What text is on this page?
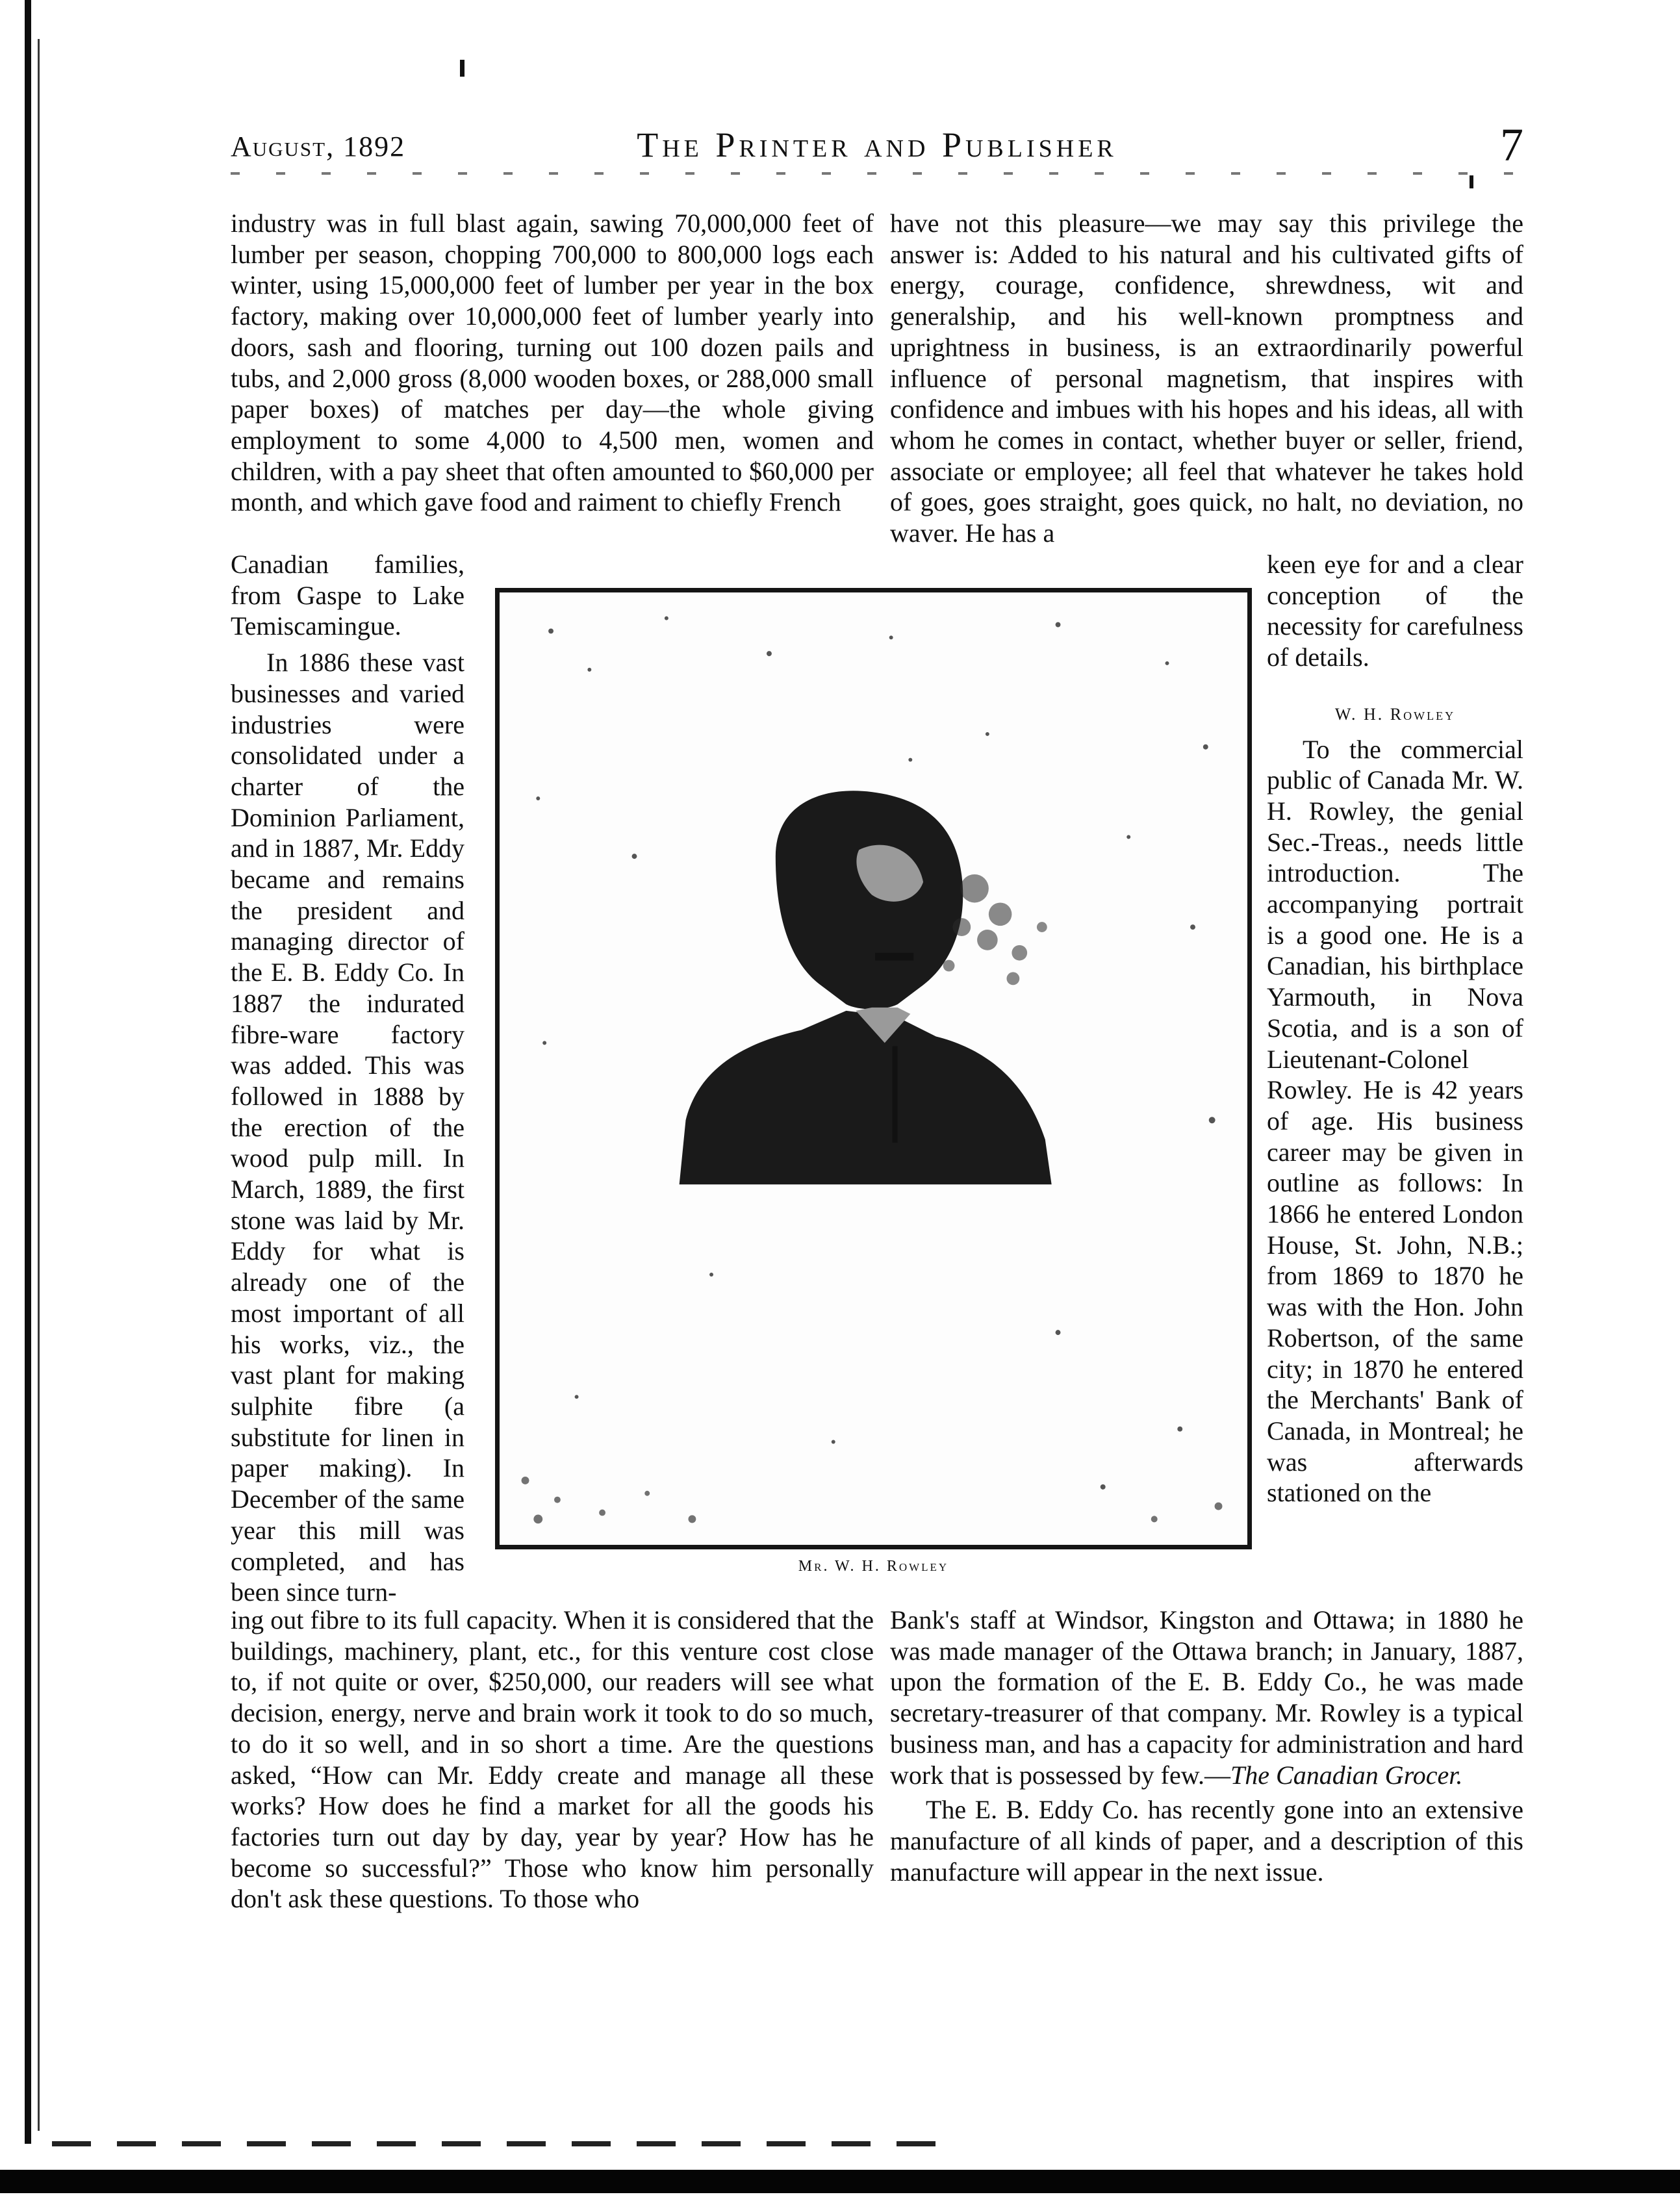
August, 1892	The Printer and Publisher	7

industry was in full blast again, sawing 70,000,000 feet of lumber per season, chopping 700,000 to 800,000 logs each winter, using 15,000,000 feet of lumber per year in the box factory, making over 10,000,000 feet of lumber yearly into doors, sash and flooring, turning out 100 dozen pails and tubs, and 2,000 gross (8,000 wooden boxes, or 288,000 small paper boxes) of matches per day—the whole giving employment to some 4,000 to 4,500 men, women and children, with a pay sheet that often amounted to $60,000 per month, and which gave food and raiment to chiefly French

Canadian families, from Gaspe to Lake Temiscamingue.

In 1886 these vast businesses and varied industries were consolidated under a charter of the Dominion Parliament, and in 1887, Mr. Eddy became and remains the president and managing director of the E. B. Eddy Co. In 1887 the indurated fibre-ware factory was added. This was followed in 1888 by the erection of the wood pulp mill. In March, 1889, the first stone was laid by Mr. Eddy for what is already one of the most important of all his works, viz., the vast plant for making sulphite fibre (a substitute for linen in paper making). In December of the same year this mill was completed, and has been since turn-

Mr. W. H. Rowley

have not this pleasure—we may say this privilege the answer is: Added to his natural and his cultivated gifts of energy, courage, confidence, shrewdness, wit and generalship, and his well-known promptness and uprightness in business, is an extraordinarily powerful influence of personal magnetism, that inspires with confidence and imbues with his hopes and his ideas, all with whom he comes in contact, whether buyer or seller, friend, associate or employee; all feel that whatever he takes hold of goes, goes straight, goes quick, no halt, no deviation, no waver. He has a

keen eye for and a clear conception of the necessity for carefulness of details.

W. H. Rowley

To the commercial public of Canada Mr. W. H. Rowley, the genial Sec.-Treas., needs little introduction. The accompanying portrait is a good one. He is a Canadian, his birthplace Yarmouth, in Nova Scotia, and is a son of Lieutenant-Colonel Rowley. He is 42 years of age. His business career may be given in outline as follows: In 1866 he entered London House, St. John, N.B.; from 1869 to 1870 he was with the Hon. John Robertson, of the same city; in 1870 he entered the Merchants' Bank of Canada, in Montreal; he was afterwards stationed on the

ing out fibre to its full capacity. When it is considered that the buildings, machinery, plant, etc., for this venture cost close to, if not quite or over, $250,000, our readers will see what decision, energy, nerve and brain work it took to do so much, to do it so well, and in so short a time. Are the questions asked, “How can Mr. Eddy create and manage all these works? How does he find a market for all the goods his factories turn out day by day, year by year? How has he become so successful?” Those who know him personally don't ask these questions. To those who

Bank's staff at Windsor, Kingston and Ottawa; in 1880 he was made manager of the Ottawa branch; in January, 1887, upon the formation of the E. B. Eddy Co., he was made secretary-treasurer of that company. Mr. Rowley is a typical business man, and has a capacity for administration and hard work that is possessed by few.—The Canadian Grocer.

The E. B. Eddy Co. has recently gone into an extensive manufacture of all kinds of paper, and a description of this manufacture will appear in the next issue.
